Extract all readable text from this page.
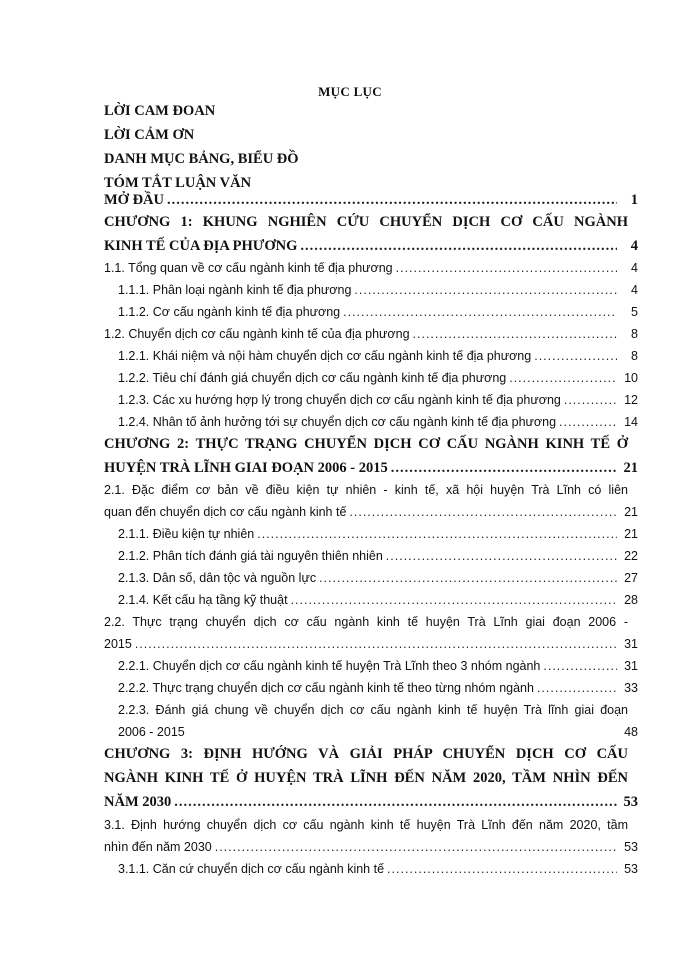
MỤC LỤC
LỜI CAM ĐOAN
LỜI CẢM ƠN
DANH MỤC BẢNG, BIỂU ĐỒ
TÓM TẮT LUẬN VĂN
MỞ ĐẦU .....	1
CHƯƠNG 1: KHUNG NGHIÊN CỨU CHUYỂN DỊCH CƠ CẤU NGÀNH
KINH TẾ CỦA ĐỊA PHƯƠNG .....	4
1.1. Tổng quan về cơ cấu ngành kinh tế địa phương .....	4
1.1.1. Phân loại ngành kinh tế địa phương .....	4
1.1.2. Cơ cấu ngành kinh tế địa phương .....	5
1.2. Chuyển dịch cơ cấu ngành kinh tế của địa phương .....	8
1.2.1. Khái niệm và nội hàm chuyển dịch cơ cấu ngành kinh tế địa phương .....	8
1.2.2. Tiêu chí đánh giá chuyển dịch cơ cấu ngành kinh tế địa phương .....	10
1.2.3. Các xu hướng hợp lý trong chuyển dịch cơ cấu ngành kinh tế địa phương .....	12
1.2.4. Nhân tố ảnh hưởng tới sự chuyển dịch cơ cấu ngành kinh tế địa phương .....	14
CHƯƠNG 2: THỰC TRẠNG CHUYỂN DỊCH CƠ CẤU NGÀNH KINH TẾ Ở
HUYỆN TRÀ LĨNH GIAI ĐOẠN 2006 - 2015 .....	21
2.1. Đặc điểm cơ bản về điều kiện tự nhiên - kinh tế, xã hội huyện Trà Lĩnh có liên
quan đến chuyển dịch cơ cấu ngành kinh tế .....	21
2.1.1. Điều kiện tự nhiên .....	21
2.1.2. Phân tích đánh giá tài nguyên thiên nhiên .....	22
2.1.3. Dân số, dân tộc và nguồn lực .....	27
2.1.4. Kết cấu hạ tầng kỹ thuật .....	28
2.2. Thực trạng chuyển dịch cơ cấu ngành kinh tế huyện Trà Lĩnh giai đoạn 2006 -
2015 .....	31
2.2.1. Chuyển dịch cơ cấu ngành kinh tế huyện Trà Lĩnh theo 3 nhóm ngành .....	31
2.2.2. Thực trạng chuyển dịch cơ cấu ngành kinh tế theo từng nhóm ngành .....	33
2.2.3. Đánh giá chung về chuyển dịch cơ cấu ngành kinh tế huyện Trà lĩnh giai đoạn
2006 - 2015	48
CHƯƠNG 3: ĐỊNH HƯỚNG VÀ GIẢI PHÁP CHUYỂN DỊCH CƠ CẤU
NGÀNH KINH TẾ Ở HUYỆN TRÀ LĨNH ĐẾN NĂM 2020, TẦM NHÌN ĐẾN
NĂM 2030 .....	53
3.1. Định hướng chuyển dịch cơ cấu ngành kinh tế huyện Trà Lĩnh đến năm 2020, tầm
nhìn đến năm 2030 .....	53
3.1.1. Căn cứ chuyển dịch cơ cấu ngành kinh tế .....	53
